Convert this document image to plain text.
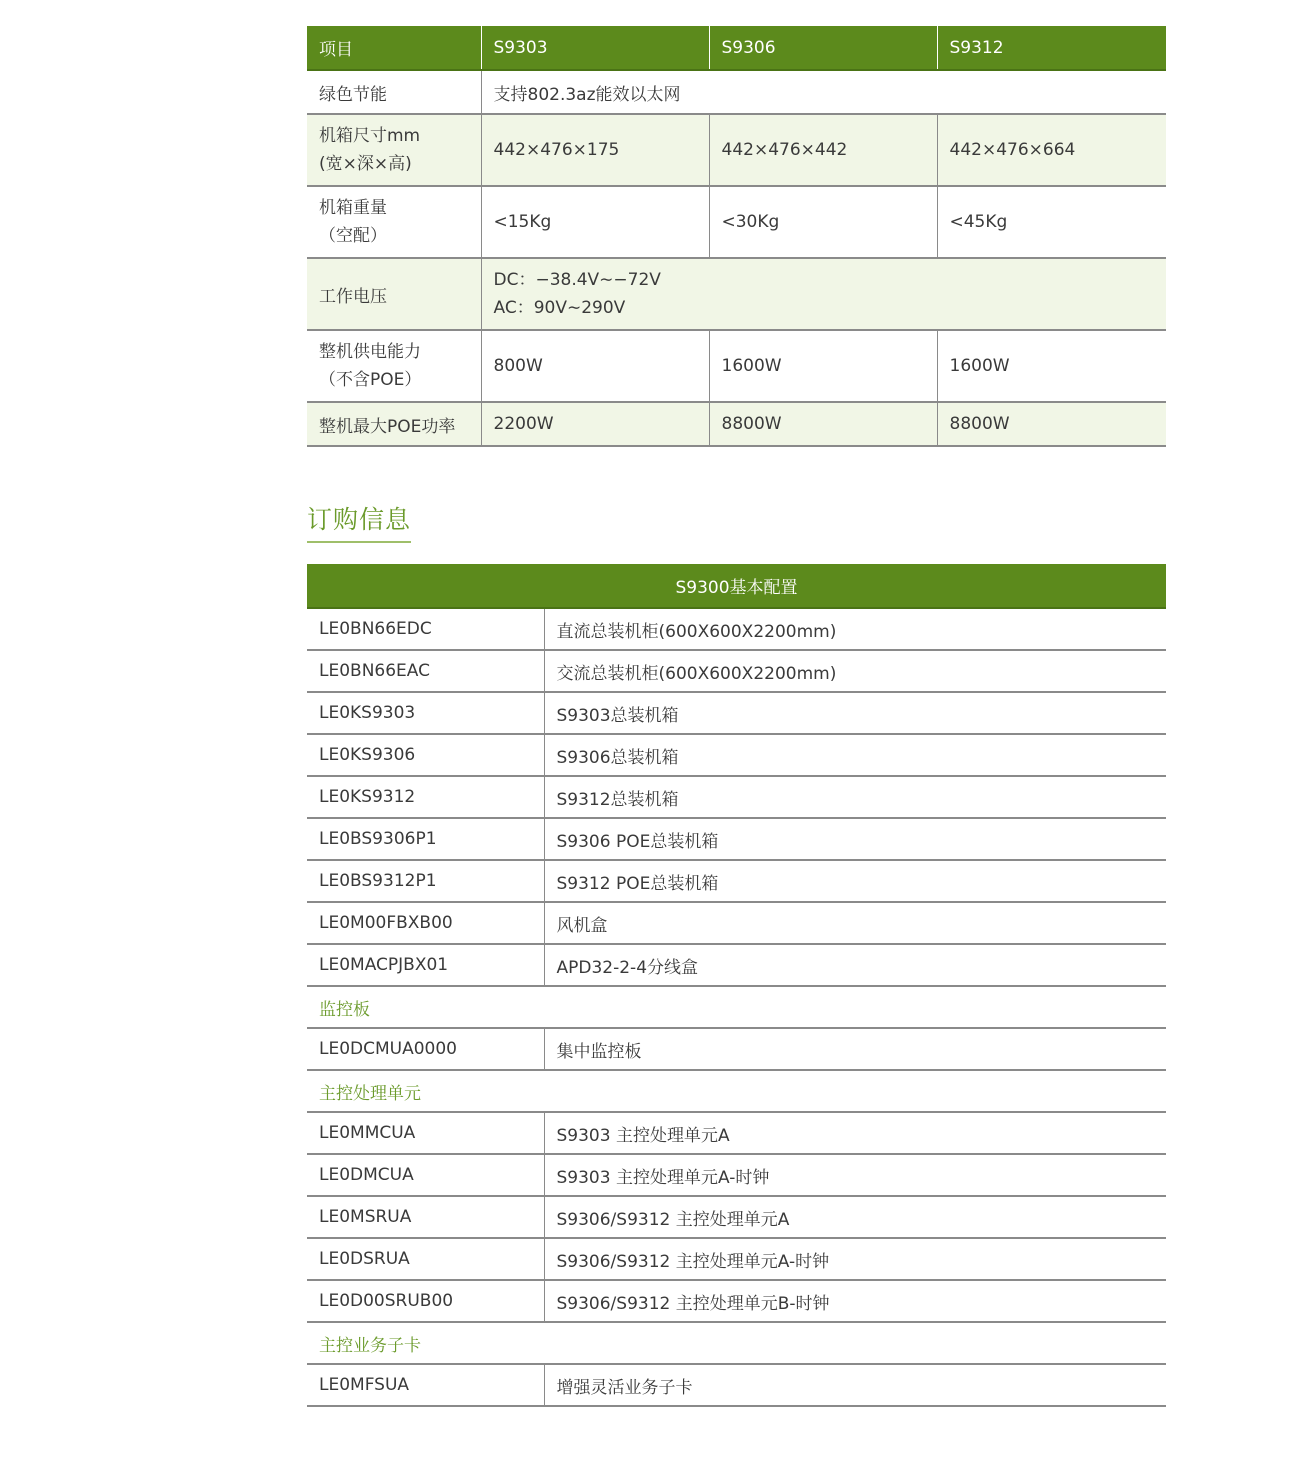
项目	S9303	S9306	S9312
绿色节能	支持802.3az能效以太网		

机箱尺寸mm
(宽×深×高)	442×476×175	442×476×442	442×476×664

机箱重量
（空配）	<15Kg	<30Kg	<45Kg
工作电压	DC：−38.4V∼−72V
AC：90V∼290V		

整机供电能力
（不含POE）	800W	1600W	1600W
整机最大POE功率	2200W	8800W	8800W
订购信息
S9300基本配置	
LE0BN66EDC	直流总装机柜(600X600X2200mm)
LE0BN66EAC	交流总装机柜(600X600X2200mm)
LE0KS9303	S9303总装机箱
LE0KS9306	S9306总装机箱
LE0KS9312	S9312总装机箱
LE0BS9306P1	S9306 POE总装机箱
LE0BS9312P1	S9312 POE总装机箱
LE0M00FBXB00	风机盒
LE0MACPJBX01	APD32-2-4分线盒
监控板	
LE0DCMUA0000	集中监控板
主控处理单元	
LE0MMCUA	S9303 主控处理单元A
LE0DMCUA	S9303 主控处理单元A-时钟
LE0MSRUA	S9306/S9312 主控处理单元A
LE0DSRUA	S9306/S9312 主控处理单元A-时钟
LE0D00SRUB00	S9306/S9312 主控处理单元B-时钟
主控业务子卡	
LE0MFSUA	增强灵活业务子卡
